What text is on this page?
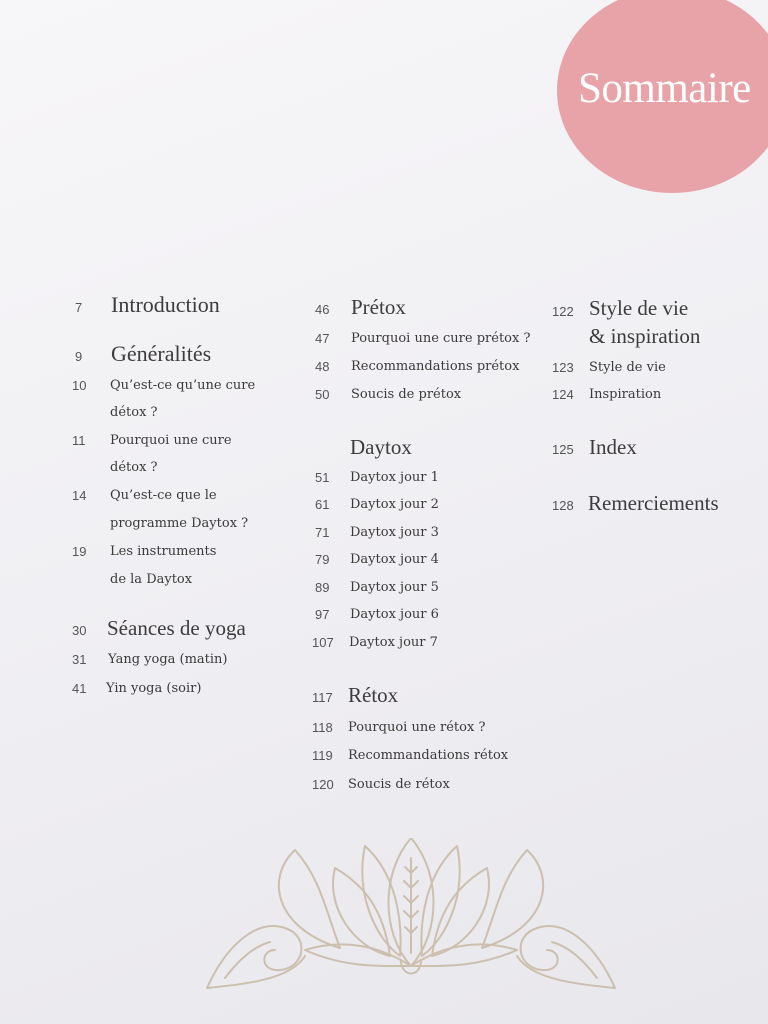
Sommaire
7 Introduction
9 Généralités
10 Qu’est-ce qu’une cure
détox ?
11 Pourquoi une cure
détox ?
14 Qu’est-ce que le
programme Daytox ?
19 Les instruments
de la Daytox
30 Séances de yoga
31 Yang yoga (matin)
41 Yin yoga (soir)
46 Prétox
47 Pourquoi une cure prétox ?
48 Recommandations prétox
50 Soucis de prétox
Daytox
51 Daytox jour 1
61 Daytox jour 2
71 Daytox jour 3
79 Daytox jour 4
89 Daytox jour 5
97 Daytox jour 6
107 Daytox jour 7
117 Rétox
118 Pourquoi une rétox ?
119 Recommandations rétox
120 Soucis de rétox
122 Style de vie
& inspiration
123 Style de vie
124 Inspiration
125 Index
128 Remerciements
